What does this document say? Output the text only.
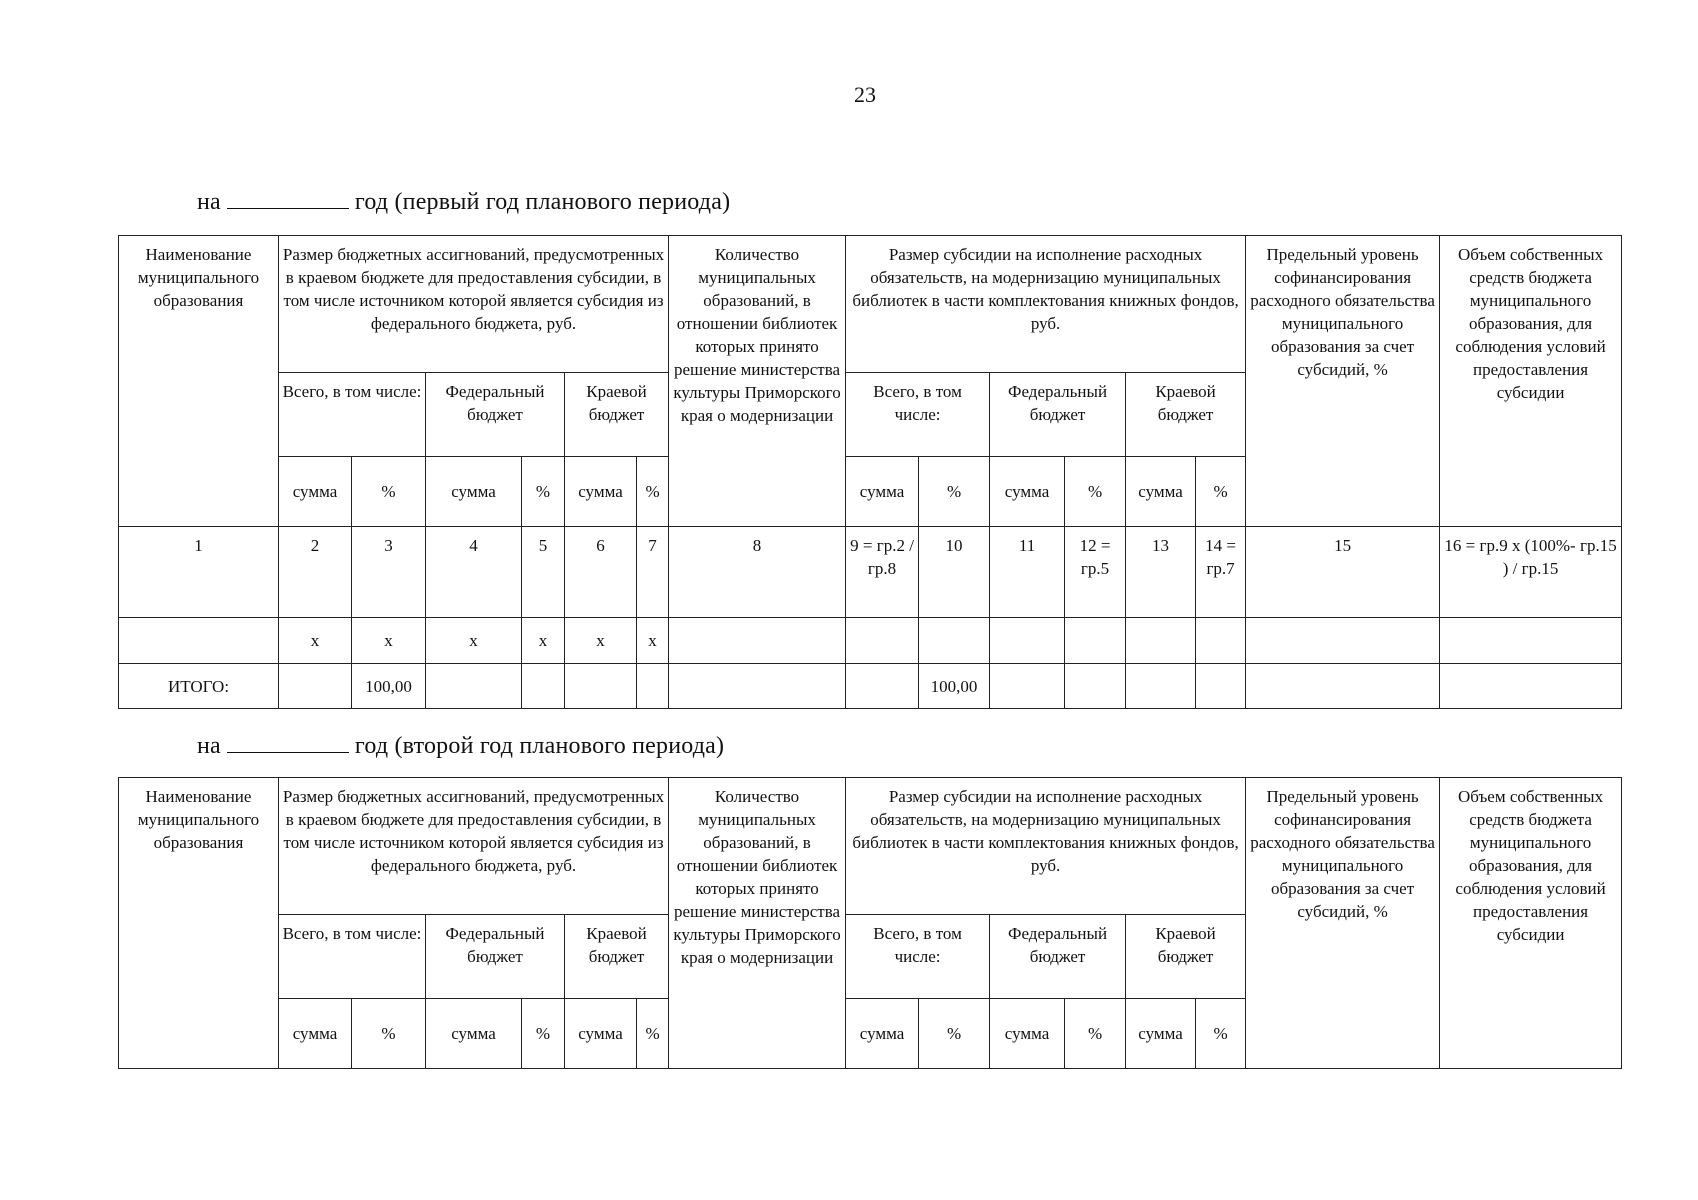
23
на	год (первый год планового периода)
Наименование муниципального образования	Размер бюджетных ассигнований, предусмотренных в краевом бюджете для предоставления субсидии, в том числе источником которой является субсидия из федерального бюджета, руб.						Количество муниципальных образований, в отношении библиотек которых принято решение министерства культуры Приморского края о модернизации	Размер субсидии на исполнение расходных обязательств, на модернизацию муниципальных библиотек в части комплектования книжных фондов, руб.						Предельный уровень софинансирования расходного обязательства муниципального образования за счет субсидий, %	Объем собственных средств бюджета муниципального образования, для соблюдения условий предоставления субсидии
	Всего, в том числе:		Федеральный бюджет		Краевой бюджет			Всего, в том числе:		Федеральный бюджет		Краевой бюджет			
	сумма	%	сумма	%	сумма	%		сумма	%	сумма	%	сумма	%		
1	2	3	4	5	6	7	8	9 = гр.2 / гр.8	10	11	12 = гр.5	13	14 = гр.7	15	16 = гр.9 х (100%- гр.15 ) / гр.15
	х	х	х	х	х	х									
ИТОГО:		100,00							100,00						
на	год (второй год планового периода)
Наименование муниципального образования	Размер бюджетных ассигнований, предусмотренных в краевом бюджете для предоставления субсидии, в том числе источником которой является субсидия из федерального бюджета, руб.						Количество муниципальных образований, в отношении библиотек которых принято решение министерства культуры Приморского края о модернизации	Размер субсидии на исполнение расходных обязательств, на модернизацию муниципальных библиотек в части комплектования книжных фондов, руб.						Предельный уровень софинансирования расходного обязательства муниципального образования за счет субсидий, %	Объем собственных средств бюджета муниципального образования, для соблюдения условий предоставления субсидии
	Всего, в том числе:		Федеральный бюджет		Краевой бюджет			Всего, в том числе:		Федеральный бюджет		Краевой бюджет			
	сумма	%	сумма	%	сумма	%		сумма	%	сумма	%	сумма	%		
